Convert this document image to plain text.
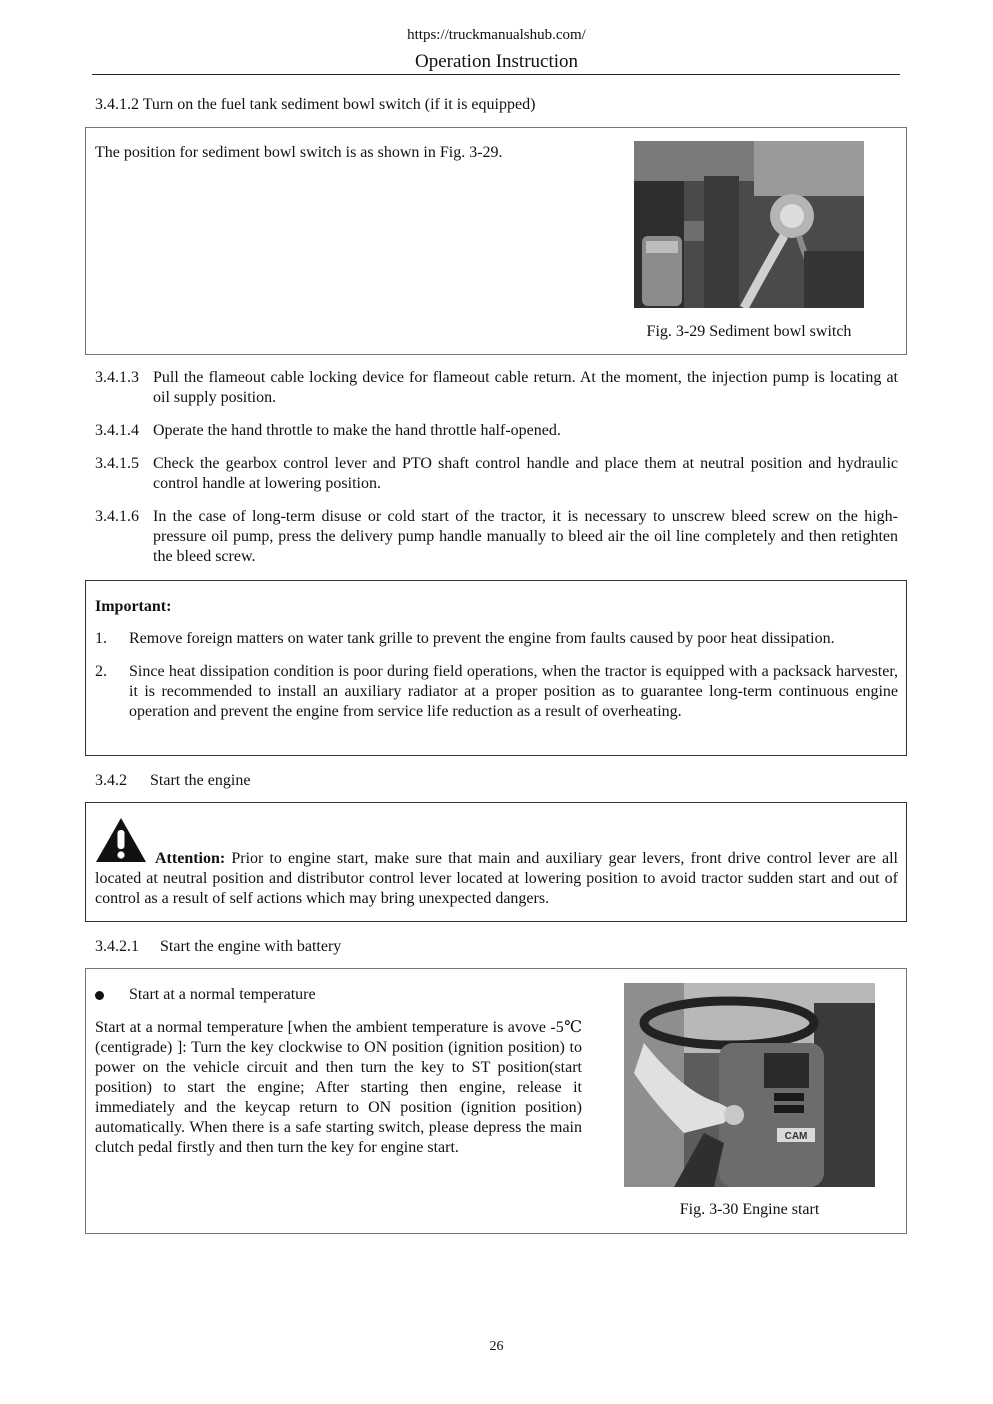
https://truckmanualshub.com/
Operation Instruction
3.4.1.2 Turn on the fuel tank sediment bowl switch (if it is equipped)
The position for sediment bowl switch is as shown in Fig. 3-29.
Fig. 3-29 Sediment bowl switch
3.4.1.3 Pull the flameout cable locking device for flameout cable return. At the moment, the injection pump is locating at oil supply position.
3.4.1.4 Operate the hand throttle to make the hand throttle half-opened.
3.4.1.5 Check the gearbox control lever and PTO shaft control handle and place them at neutral position and hydraulic control handle at lowering position.
3.4.1.6 In the case of long-term disuse or cold start of the tractor, it is necessary to unscrew bleed screw on the high-pressure oil pump, press the delivery pump handle manually to bleed air the oil line completely and then retighten the bleed screw.
Important:
1.	Remove foreign matters on water tank grille to prevent the engine from faults caused by poor heat dissipation.
2.	Since heat dissipation condition is poor during field operations, when the tractor is equipped with a packsack harvester, it is recommended to install an auxiliary radiator at a proper position as to guarantee long-term continuous engine operation and prevent the engine from service life reduction as a result of overheating.
3.4.2 Start the engine
Attention: Prior to engine start, make sure that main and auxiliary gear levers, front drive control lever are all located at neutral position and distributor control lever located at lowering position to avoid tractor sudden start and out of control as a result of self actions which may bring unexpected dangers.
3.4.2.1 Start the engine with battery
Start at a normal temperature
Start at a normal temperature [when the ambient temperature is avove -5℃(centigrade) ]: Turn the key clockwise to ON position (ignition position) to power on the vehicle circuit and then turn the key to ST position(start position) to start the engine; After starting then engine, release it immediately and the keycap return to ON position (ignition position) automatically. When there is a safe starting switch, please depress the main clutch pedal firstly and then turn the key for engine start.
CAM
Fig. 3-30 Engine start
26
